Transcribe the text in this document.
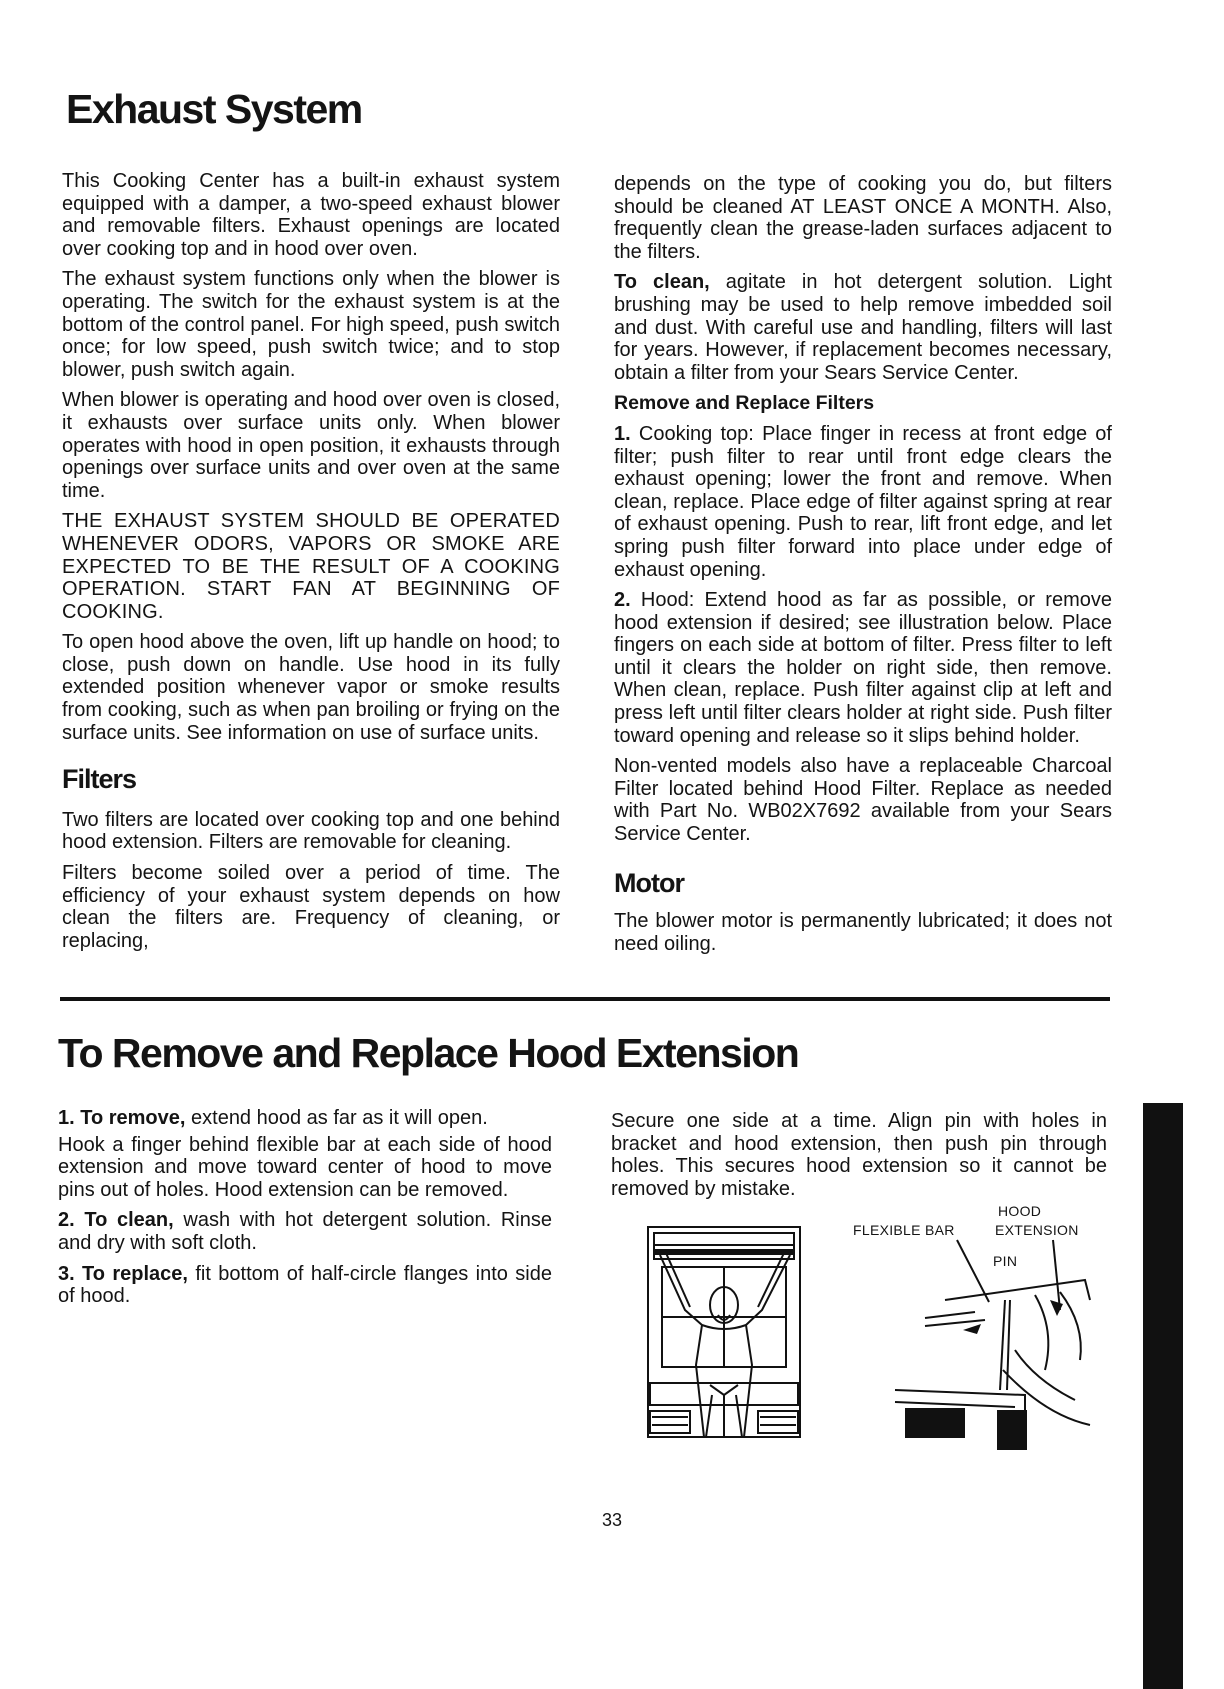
Exhaust System

This Cooking Center has a built-in exhaust system equipped with a damper, a two-speed exhaust blower and removable filters. Exhaust openings are located over cooking top and in hood over oven.

The exhaust system functions only when the blower is operating. The switch for the exhaust system is at the bottom of the control panel. For high speed, push switch once; for low speed, push switch twice; and to stop blower, push switch again.

When blower is operating and hood over oven is closed, it exhausts over surface units only. When blower operates with hood in open position, it exhausts through openings over surface units and over oven at the same time.

THE EXHAUST SYSTEM SHOULD BE OPERATED WHENEVER ODORS, VAPORS OR SMOKE ARE EXPECTED TO BE THE RESULT OF A COOKING OPERATION. START FAN AT BEGINNING OF COOKING.

To open hood above the oven, lift up handle on hood; to close, push down on handle. Use hood in its fully extended position whenever vapor or smoke results from cooking, such as when pan broiling or frying on the surface units. See information on use of surface units.

Filters

Two filters are located over cooking top and one behind hood extension. Filters are removable for cleaning.

Filters become soiled over a period of time. The efficiency of your exhaust system depends on how clean the filters are. Frequency of cleaning, or replacing,

depends on the type of cooking you do, but filters should be cleaned AT LEAST ONCE A MONTH. Also, frequently clean the grease-laden surfaces adjacent to the filters.

To clean, agitate in hot detergent solution. Light brushing may be used to help remove imbedded soil and dust. With careful use and handling, filters will last for years. However, if replacement becomes necessary, obtain a filter from your Sears Service Center.

Remove and Replace Filters

1. Cooking top: Place finger in recess at front edge of filter; push filter to rear until front edge clears the exhaust opening; lower the front and remove. When clean, replace. Place edge of filter against spring at rear of exhaust opening. Push to rear, lift front edge, and let spring push filter forward into place under edge of exhaust opening.

2. Hood: Extend hood as far as possible, or remove hood extension if desired; see illustration below. Place fingers on each side at bottom of filter. Press filter to left until it clears the holder on right side, then remove. When clean, replace. Push filter against clip at left and press left until filter clears holder at right side. Push filter toward opening and release so it slips behind holder.

Non-vented models also have a replaceable Charcoal Filter located behind Hood Filter. Replace as needed with Part No. WB02X7692 available from your Sears Service Center.

Motor

The blower motor is permanently lubricated; it does not need oiling.

To Remove and Replace Hood Extension

1. To remove, extend hood as far as it will open.

Hook a finger behind flexible bar at each side of hood extension and move toward center of hood to move pins out of holes. Hood extension can be removed.

2. To clean, wash with hot detergent solution. Rinse and dry with soft cloth.

3. To replace, fit bottom of half-circle flanges into side of hood.

Secure one side at a time. Align pin with holes in bracket and hood extension, then push pin through holes. This secures hood extension so it cannot be removed by mistake.

FLEXIBLE BAR
HOOD
EXTENSION
PIN
33
